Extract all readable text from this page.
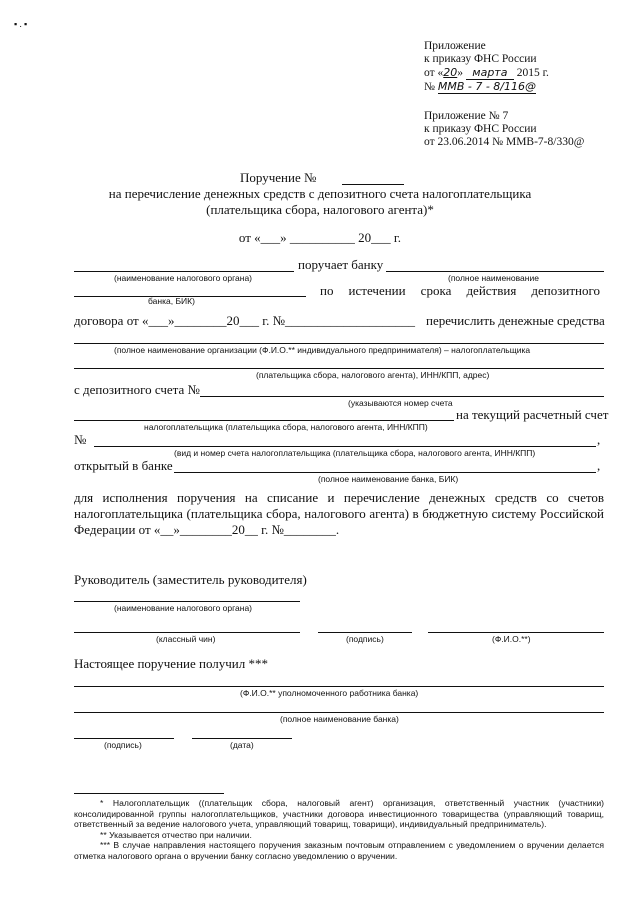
▪ . ▪
Приложение
к приказу ФНС России
от «20» марта 2015 г.
№ ММВ - 7 - 8/116@
Приложение № 7
к приказу ФНС России
от 23.06.2014 № ММВ-7-8/330@
Поручение №
на перечисление денежных средств с депозитного счета налогоплательщика
(плательщика сбора, налогового агента)*
от «___» __________ 20___ г.
поручает банку
(наименование налогового органа)	(полное наименование
по истечении срока действия депозитного
банка, БИК)
договора от «___»________20___ г. №____________________ перечислить денежные средства
(полное наименование организации (Ф.И.О.** индивидуального предпринимателя) – налогоплательщика
(плательщика сбора, налогового агента), ИНН/КПП, адрес)
с депозитного счета №
(указываются номер счета
на текущий расчетный счет
налогоплательщика (плательщика сбора, налогового агента, ИНН/КПП)
№	,
(вид и номер счета налогоплательщика (плательщика сбора, налогового агента, ИНН/КПП)
открытый в банке	,
(полное наименование банка, БИК)
для исполнения поручения на списание и перечисление денежных средств со счетов
налогоплательщика (плательщика сбора, налогового агента) в бюджетную систему Российской
Федерации от «__»________20__ г. №________.
Руководитель (заместитель руководителя)
(наименование налогового органа)
(классный чин)	(подпись)	(Ф.И.О.**)
Настоящее поручение получил ***
(Ф.И.О.** уполномоченного работника банка)
(полное наименование банка)
(подпись)	(дата)
* Налогоплательщик ((плательщик сбора, налоговый агент) организация, ответственный участник (участники) консолидированной группы налогоплательщиков, участники договора инвестиционного товарищества (управляющий товарищ, ответственный за ведение налогового учета, управляющий товарищ, товарищи), индивидуальный предприниматель).
** Указывается отчество при наличии.
*** В случае направления настоящего поручения заказным почтовым отправлением с уведомлением о вручении делается отметка налогового органа о вручении банку согласно уведомлению о вручении.
